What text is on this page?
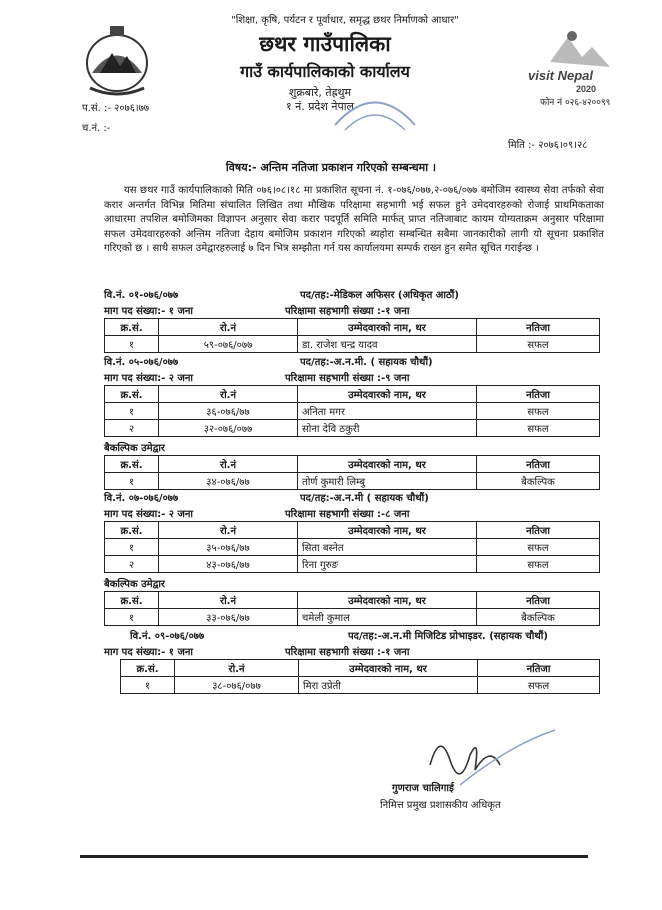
"शिक्षा, कृषि, पर्यटन र पूर्वाधार, समृद्ध छथर निर्माणको आधार"
छथर गाउँपालिका
गाउँ कार्यपालिकाको कार्यालय
शुक्रबारे, तेह्रथुम
१ नं. प्रदेश नेपाल
visit Nepal
2020
प.सं. :- २०७६।७७
च.नं. :-
फोन नं ०२६-४२००९९
मिति :- २०७६।०९।२८
विषय:- अन्तिम नतिजा प्रकाशन गरिएको सम्बन्धमा ।
यस छथर गाउँ कार्यपालिकाको मिति ०७६।०८।१८ मा प्रकाशित सूचना नं. १-०७६/०७७,२-०७६/०७७ बमोजिम स्वास्थ्य सेवा तर्फको सेवा करार अन्तर्गत विभिन्न मितिमा संचालित लिखित तथा मौखिक परिक्षामा सहभागी भई सफल हुने उमेदवारहरुको रोजाई प्राथमिकताका आधारमा तपशिल बमोजिमका विज्ञापन अनुसार सेवा करार पदपूर्ति समिति मार्फत् प्राप्त नतिजाबाट कायम योग्यताक्रम अनुसार परिक्षामा सफल उमेदवारहरुको अन्तिम नतिजा देहाय बमोजिम प्रकाशन गरिएको ब्यहोरा सम्बन्धित सबैमा जानकारीको लागी यो सूचना प्रकाशित गरिएको छ । साथै सफल उमेद्वारहरुलाई ७ दिन भित्र सम्झौता गर्न यस कार्यालयमा सम्पर्क राख्न हुन समेत सूचित गराईन्छ ।
वि.नं. ०१-०७६/०७७	पद/तह:-मेडिकल अफिसर (अधिकृत आठौं)
माग पद संख्या:- १ जना	परिक्षामा सहभागी संख्या :-१ जना
क्र.सं.	रो.नं	उम्मेदवारको नाम, थर	नतिजा
१	५९-०७६/०७७	डा. राजेश चन्द्र यादव	सफल
वि.नं. ०५-०७६/०७७	पद/तह:-अ.न.मी. ( सहायक चौथौं)
माग पद संख्या:- २ जना	परिक्षामा सहभागी संख्या :-९ जना
क्र.सं.	रो.नं	उम्मेदवारको नाम, थर	नतिजा
१	३६-०७६/७७	अनिता मगर	सफल
२	३२-०७६/०७७	सोना देवि ठकुरी	सफल
बैकल्पिक उमेद्वार
क्र.सं.	रो.नं	उम्मेदवारको नाम, थर	नतिजा
१	३४-०७६/७७	तोर्ण कुमारी लिम्बु	बैकल्पिक
वि.नं. ०७-०७६/०७७	पद/तह:-अ.न.मी ( सहायक चौथौं)
माग पद संख्या:- २ जना	परिक्षामा सहभागी संख्या :-८ जना
क्र.सं.	रो.नं	उम्मेदवारको नाम, थर	नतिजा
१	३५-०७६/७७	सिता बस्नेत	सफल
२	४३-०७६/७७	रिना गुरुङ	सफल
बैकल्पिक उमेद्वार
क्र.सं.	रो.नं	उम्मेदवारको नाम, थर	नतिजा
१	३३-०७६/७७	चमेली कुमाल	बैकल्पिक
वि.नं. ०९-०७६/०७७	पद/तह:-अ.न.मी मिजिटिड प्रोभाइडर. (सहायक चौथौं)
माग पद संख्या:- १ जना	परिक्षामा सहभागी संख्या :-१ जना
क्र.सं.	रो.नं	उम्मेदवारको नाम, थर	नतिजा
१	३८-०७६/०७७	मिरा उप्रेती	सफल
गुणराज चालिगाई
निमित्त प्रमुख प्रशासकीय अधिकृत
